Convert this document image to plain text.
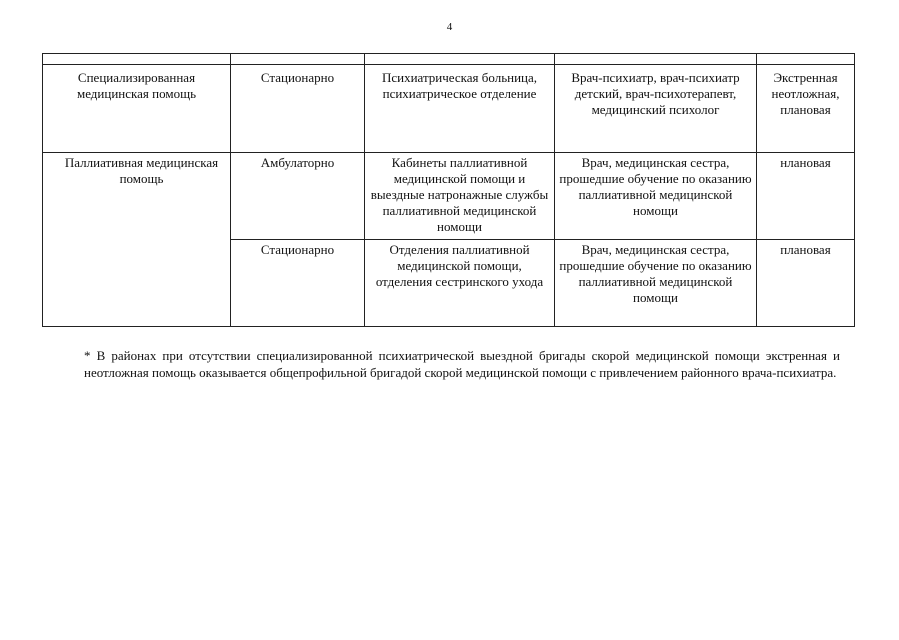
4

Специализированная медицинская помощь	Стационарно	Психиатрическая больница, психиатрическое отделение	Врач-психиатр, врач-психиатр детский, врач-психотерапевт, медицинский психолог	Экстренная неотложная, плановая
Паллиативная медицинская помощь	Амбулаторно	Кабинеты паллиативной медицинской помощи и выездные натронажные службы паллиативной медицинской номощи	Врач, медицинская сестра, прошедшие обучение по оказанию паллиативной медицинской номощи	нлановая
	Стационарно	Отделения паллиативной медицинской помощи, отделения сестринского ухода	Врач, медицинская сестра, прошедшие обучение по оказанию паллиативной медицинской помощи	плановая
* В районах при отсутствии специализированной психиатрической выездной бригады скорой медицинской помощи экстренная и неотложная помощь оказывается общепрофильной бригадой скорой медицинской помощи с привлечением районного врача-психиатра.
